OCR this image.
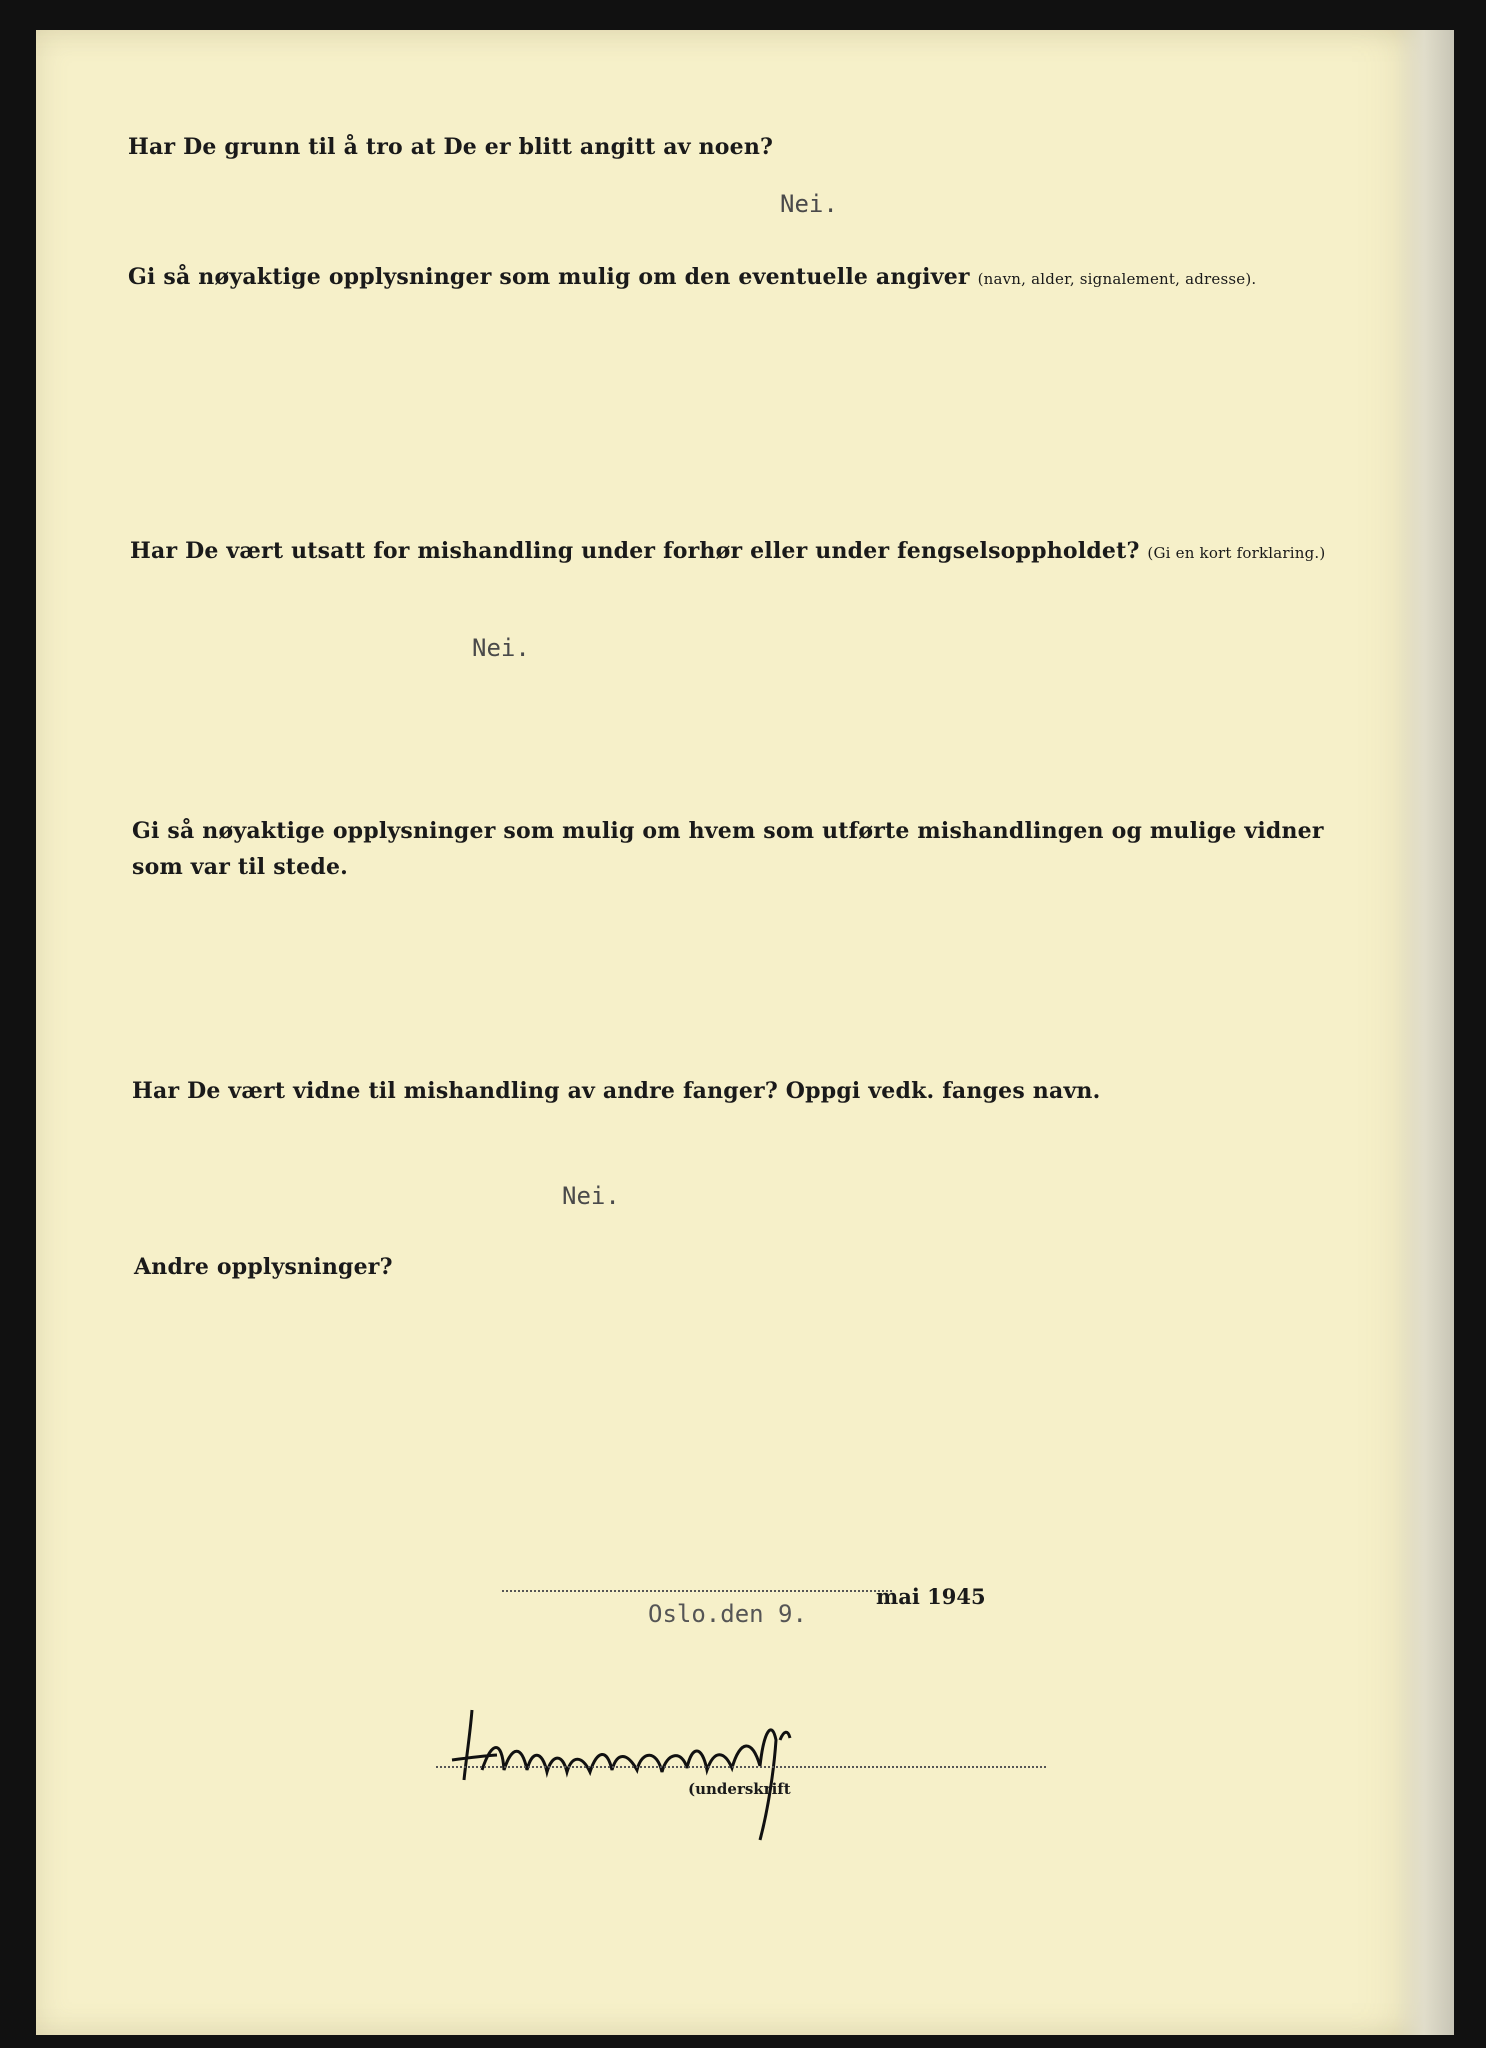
Har De grunn til å tro at De er blitt angitt av noen?
Nei.
Gi så nøyaktige opplysninger som mulig om den eventuelle angiver (navn, alder, signalement, adresse).
Har De vært utsatt for mishandling under forhør eller under fengselsoppholdet? (Gi en kort forklaring.)
Nei.
Gi så nøyaktige opplysninger som mulig om hvem som utførte mishandlingen og mulige vidner
som var til stede.
Har De vært vidne til mishandling av andre fanger? Oppgi vedk. fanges navn.
Nei.
Andre opplysninger?
Oslo.den 9.
mai 1945
(underskrift
